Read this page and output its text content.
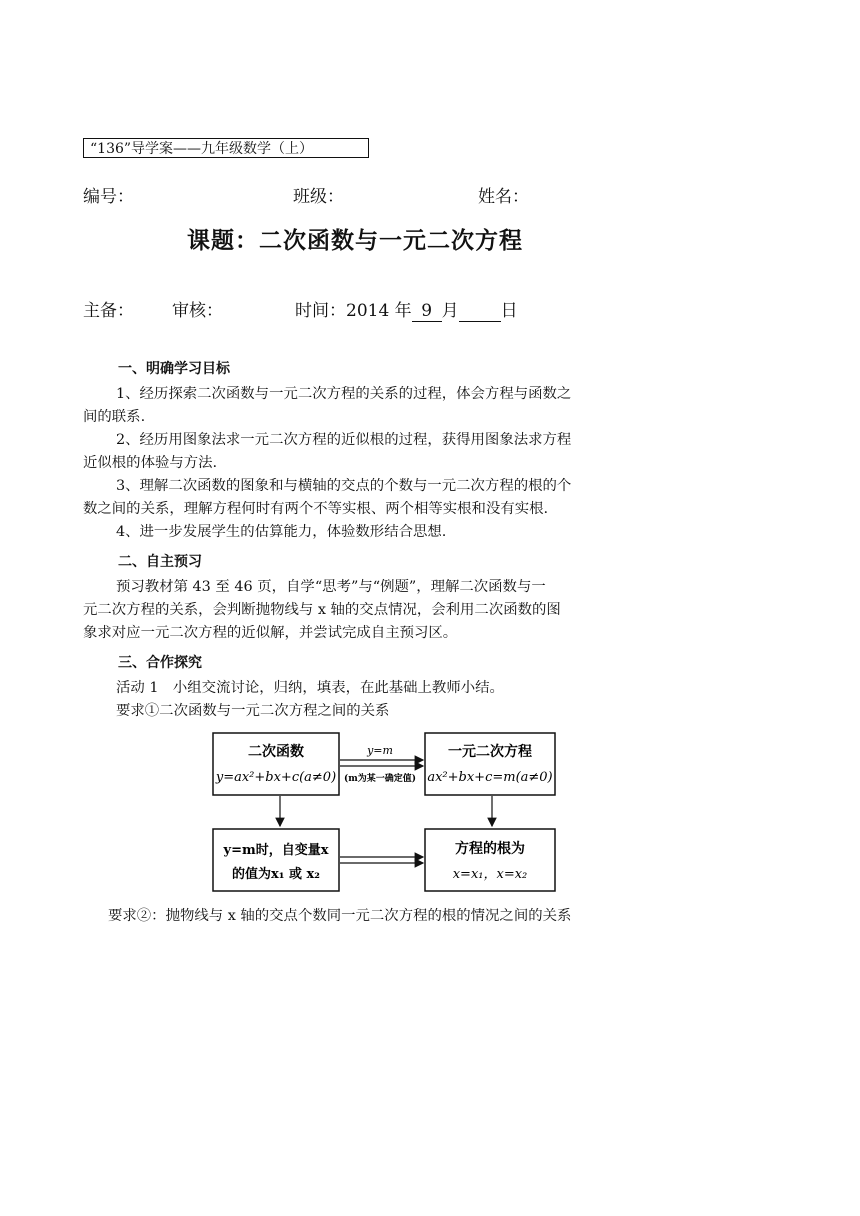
“136”导学案——九年级数学（上）
编号：	班级：	姓名：
课题：二次函数与一元二次方程
主备： 审核：	时间：2014 年 9 月 日
一、明确学习目标
1、经历探索二次函数与一元二次方程的关系的过程，体会方程与函数之
间的联系.
2、经历用图象法求一元二次方程的近似根的过程，获得用图象法求方程
近似根的体验与方法.
3、理解二次函数的图象和与横轴的交点的个数与一元二次方程的根的个
数之间的关系，理解方程何时有两个不等实根、两个相等实根和没有实根.
4、进一步发展学生的估算能力，体验数形结合思想.
二、自主预习
预习教材第 43 至 46 页，自学“思考”与“例题”，理解二次函数与一
元二次方程的关系，会判断抛物线与 x 轴的交点情况，会利用二次函数的图
象求对应一元二次方程的近似解，并尝试完成自主预习区。
三、合作探究
活动 1　小组交流讨论，归纳，填表，在此基础上教师小结。
要求①二次函数与一元二次方程之间的关系
二次函数
y=ax²+bx+c(a≠0)
一元二次方程
ax²+bx+c=m(a≠0)
y=m
(m为某一确定值)
y=m时，自变量x
的值为x₁ 或 x₂
方程的根为
x=x₁，x=x₂
要求②：抛物线与 x 轴的交点个数同一元二次方程的根的情况之间的关系
